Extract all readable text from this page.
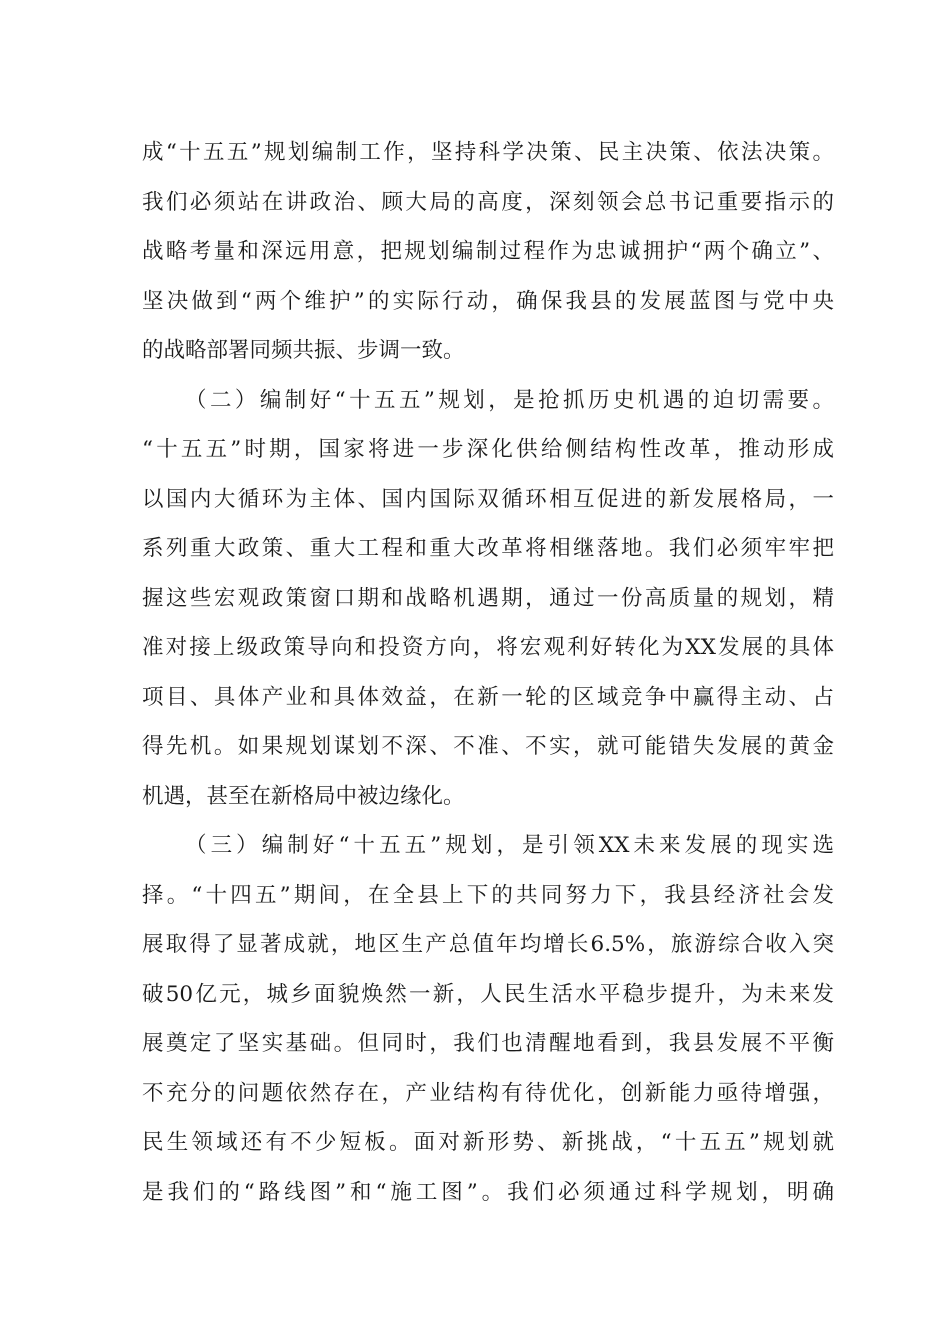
成“十五五”规划编制工作，坚持科学决策、民主决策、依法决策。
我们必须站在讲政治、顾大局的高度，深刻领会总书记重要指示的
战略考量和深远用意，把规划编制过程作为忠诚拥护“两个确立”、
坚决做到“两个维护”的实际行动，确保我县的发展蓝图与党中央
的战略部署同频共振、步调一致。
（二）编制好“十五五”规划，是抢抓历史机遇的迫切需要。
“十五五”时期，国家将进一步深化供给侧结构性改革，推动形成
以国内大循环为主体、国内国际双循环相互促进的新发展格局，一
系列重大政策、重大工程和重大改革将相继落地。我们必须牢牢把
握这些宏观政策窗口期和战略机遇期，通过一份高质量的规划，精
准对接上级政策导向和投资方向，将宏观利好转化为XX发展的具体
项目、具体产业和具体效益，在新一轮的区域竞争中赢得主动、占
得先机。如果规划谋划不深、不准、不实，就可能错失发展的黄金
机遇，甚至在新格局中被边缘化。
（三）编制好“十五五”规划，是引领XX未来发展的现实选
择。“十四五”期间，在全县上下的共同努力下，我县经济社会发
展取得了显著成就，地区生产总值年均增长6.5%，旅游综合收入突
破50亿元，城乡面貌焕然一新，人民生活水平稳步提升，为未来发
展奠定了坚实基础。但同时，我们也清醒地看到，我县发展不平衡
不充分的问题依然存在，产业结构有待优化，创新能力亟待增强，
民生领域还有不少短板。面对新形势、新挑战，“十五五”规划就
是我们的“路线图”和“施工图”。我们必须通过科学规划，明确
